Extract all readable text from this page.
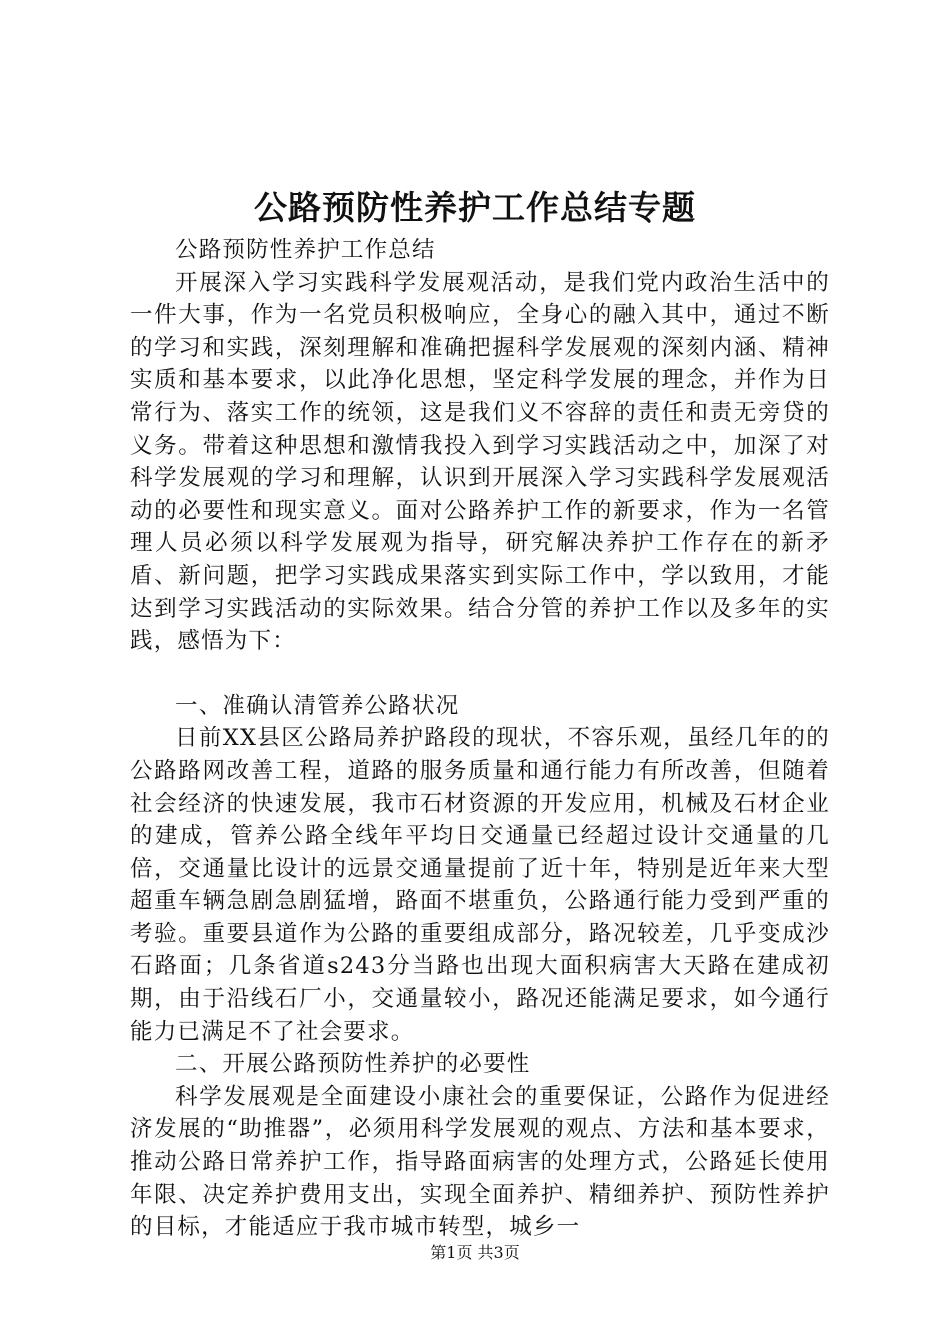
公路预防性养护工作总结专题

公路预防性养护工作总结

开展深入学习实践科学发展观活动，是我们党内政治生活中的一件大事，作为一名党员积极响应，全身心的融入其中，通过不断的学习和实践，深刻理解和准确把握科学发展观的深刻内涵、精神实质和基本要求，以此净化思想，坚定科学发展的理念，并作为日常行为、落实工作的统领，这是我们义不容辞的责任和责无旁贷的义务。带着这种思想和激情我投入到学习实践活动之中，加深了对科学发展观的学习和理解，认识到开展深入学习实践科学发展观活动的必要性和现实意义。面对公路养护工作的新要求，作为一名管理人员必须以科学发展观为指导，研究解决养护工作存在的新矛盾、新问题，把学习实践成果落实到实际工作中，学以致用，才能达到学习实践活动的实际效果。结合分管的养护工作以及多年的实践，感悟为下：

一、准确认清管养公路状况

日前XX县区公路局养护路段的现状，不容乐观，虽经几年的的公路路网改善工程，道路的服务质量和通行能力有所改善，但随着社会经济的快速发展，我市石材资源的开发应用，机械及石材企业的建成，管养公路全线年平均日交通量已经超过设计交通量的几倍，交通量比设计的远景交通量提前了近十年，特别是近年来大型超重车辆急剧急剧猛增，路面不堪重负，公路通行能力受到严重的考验。重要县道作为公路的重要组成部分，路况较差，几乎变成沙石路面；几条省道s243分当路也出现大面积病害大天路在建成初期，由于沿线石厂小，交通量较小，路况还能满足要求，如今通行能力已满足不了社会要求。

二、开展公路预防性养护的必要性

科学发展观是全面建设小康社会的重要保证，公路作为促进经济发展的“助推器”，必须用科学发展观的观点、方法和基本要求，推动公路日常养护工作，指导路面病害的处理方式，公路延长使用年限、决定养护费用支出，实现全面养护、精细养护、预防性养护的目标，才能适应于我市城市转型，城乡一

第1页 共3页
